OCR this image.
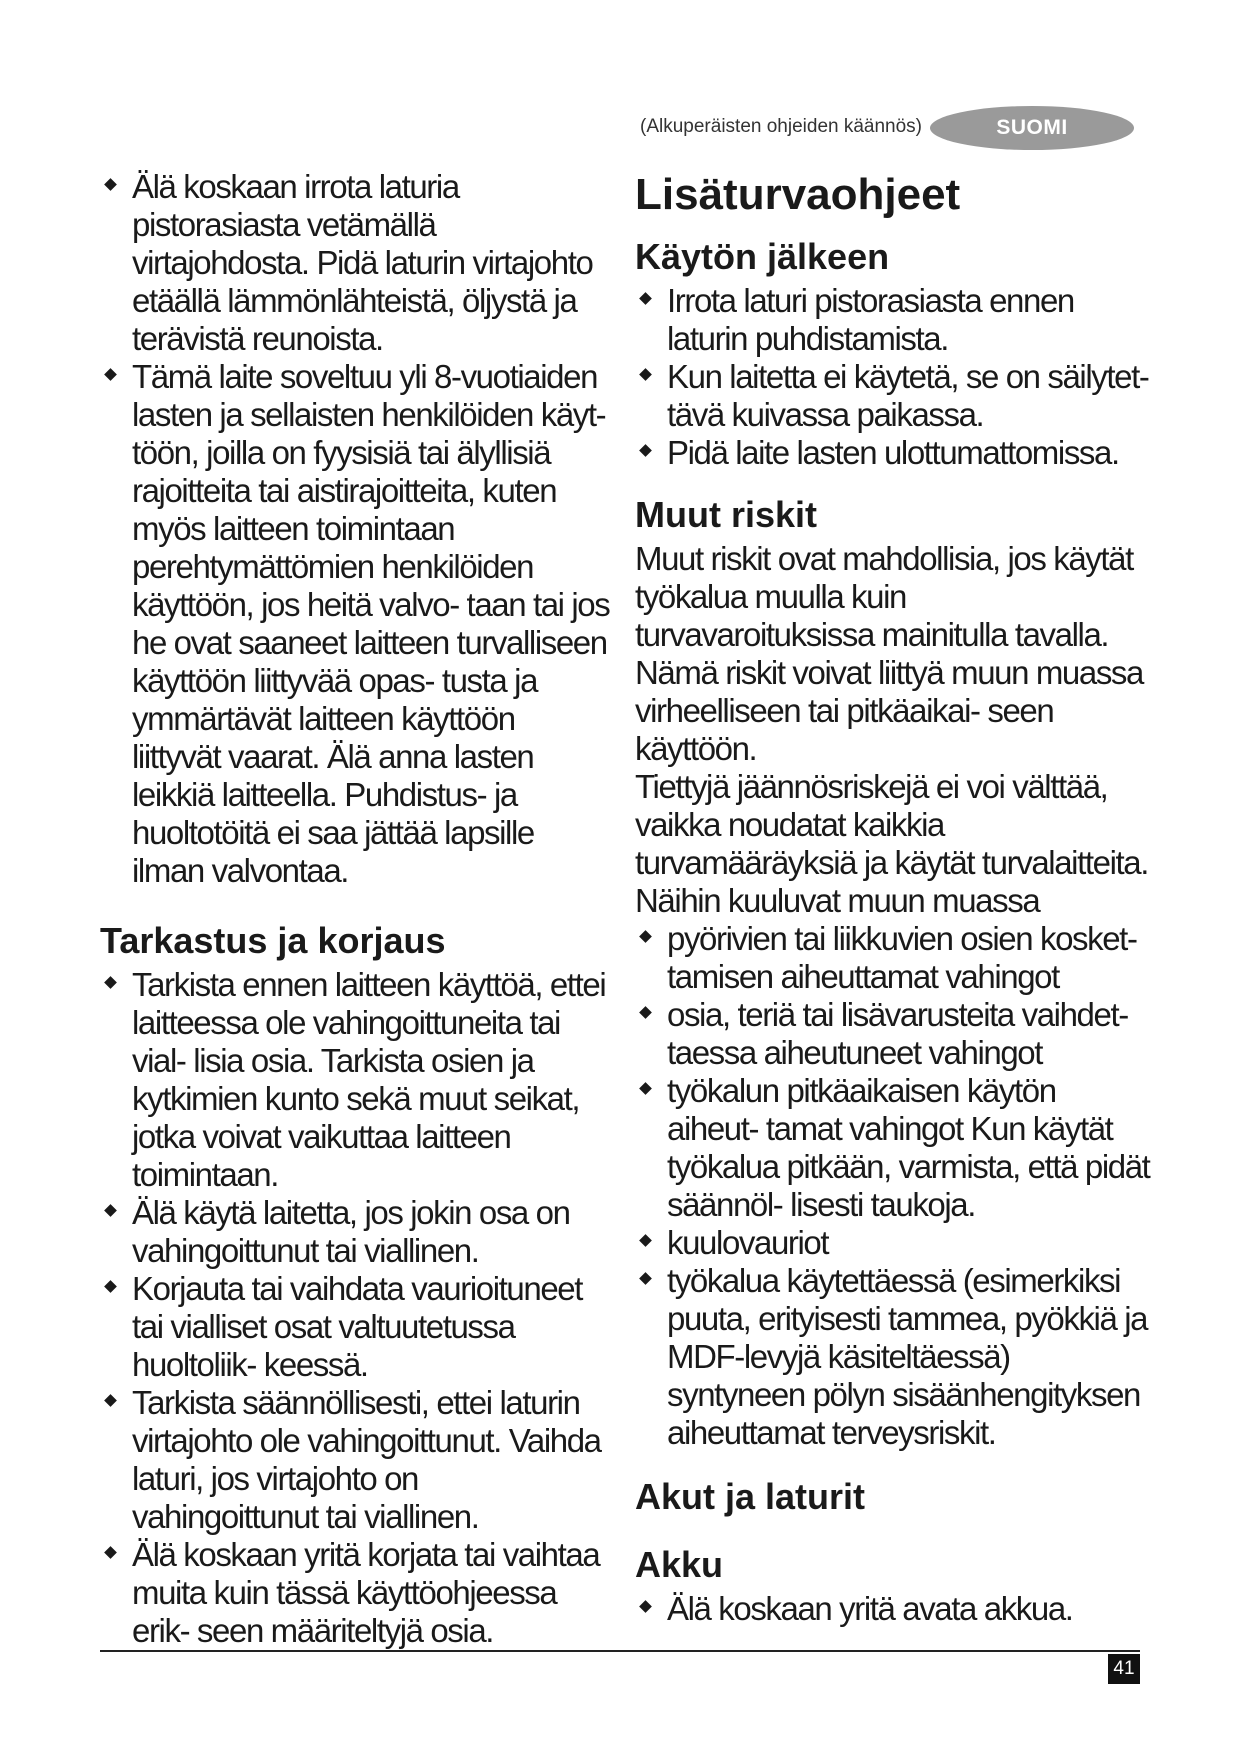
(Alkuperäisten ohjeiden käännös)	SUOMI
Älä koskaan irrota laturia pistorasiasta vetämällä virtajohdosta. Pidä laturin virtajohto etäällä lämmönlähteistä, öljystä ja terävistä reunoista.
Tämä laite soveltuu yli 8-vuotiaiden lasten ja sellaisten henkilöiden käyt- töön, joilla on fyysisiä tai älyllisiä rajoitteita tai aistirajoitteita, kuten myös laitteen toimintaan perehtymättömien henkilöiden käyttöön, jos heitä valvo- taan tai jos he ovat saaneet laitteen turvalliseen käyttöön liittyvää opas- tusta ja ymmärtävät laitteen käyttöön liittyvät vaarat. Älä anna lasten leikkiä laitteella. Puhdistus- ja huoltotöitä ei saa jättää lapsille ilman valvontaa.
Tarkastus ja korjaus
Tarkista ennen laitteen käyttöä, ettei laitteessa ole vahingoittuneita tai vial- lisia osia. Tarkista osien ja kytkimien kunto sekä muut seikat, jotka voivat vaikuttaa laitteen toimintaan.
Älä käytä laitetta, jos jokin osa on vahingoittunut tai viallinen.
Korjauta tai vaihdata vaurioituneet tai vialliset osat valtuutetussa huoltoliik- keessä.
Tarkista säännöllisesti, ettei laturin virtajohto ole vahingoittunut. Vaihda laturi, jos virtajohto on vahingoittunut tai viallinen.
Älä koskaan yritä korjata tai vaihtaa muita kuin tässä käyttöohjeessa erik- seen määriteltyjä osia.
Lisäturvaohjeet
Käytön jälkeen
Irrota laturi pistorasiasta ennen laturin puhdistamista.
Kun laitetta ei käytetä, se on säilytet- tävä kuivassa paikassa.
Pidä laite lasten ulottumattomissa.
Muut riskit

Muut riskit ovat mahdollisia, jos käytät työkalua muulla kuin turvavaroituksissa mainitulla tavalla. Nämä riskit voivat liittyä muun muassa virheelliseen tai pitkäaikai- seen käyttöön.

Tiettyjä jäännösriskejä ei voi välttää, vaikka noudatat kaikkia turvamääräyksiä ja käytät turvalaitteita. Näihin kuuluvat muun muassa

pyörivien tai liikkuvien osien kosket- tamisen aiheuttamat vahingot
osia, teriä tai lisävarusteita vaihdet- taessa aiheutuneet vahingot
työkalun pitkäaikaisen käytön aiheut- tamat vahingot Kun käytät työkalua pitkään, varmista, että pidät säännöl- lisesti taukoja.
kuulovauriot
työkalua käytettäessä (esimerkiksi puuta, erityisesti tammea, pyökkiä ja MDF-levyjä käsiteltäessä) syntyneen pölyn sisäänhengityksen aiheuttamat terveysriskit.
Akut ja laturit
Akku
Älä koskaan yritä avata akkua.
41
